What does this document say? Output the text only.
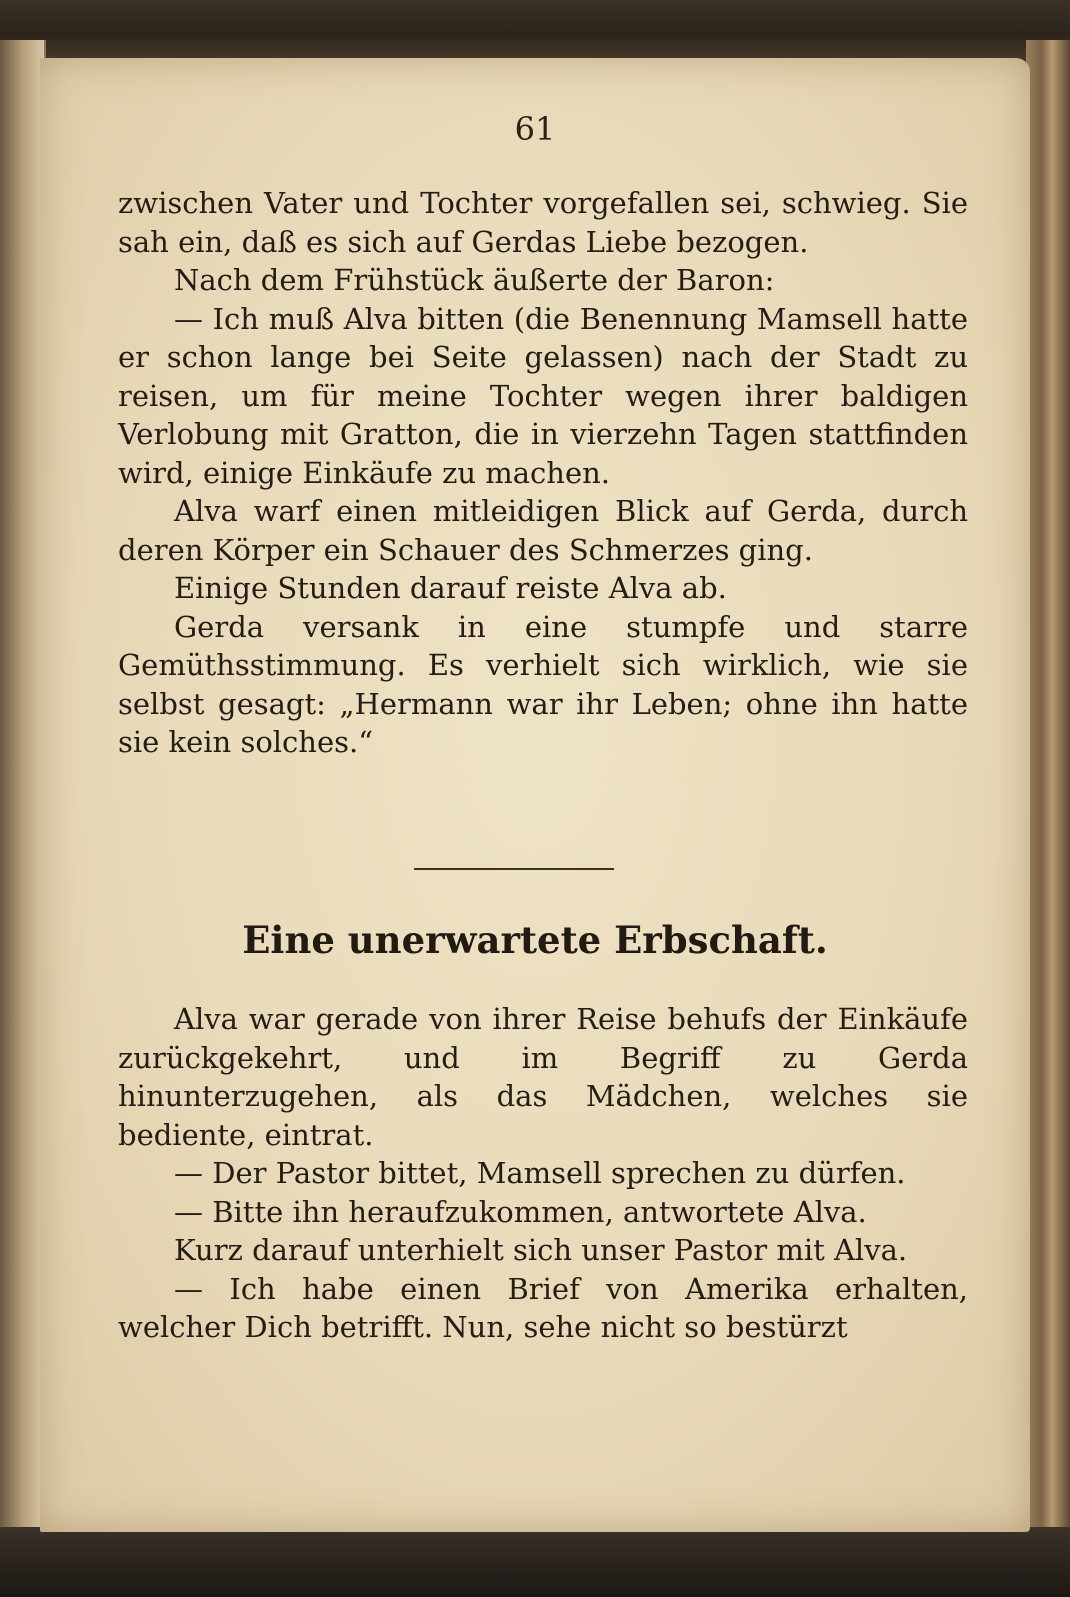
61

zwischen Vater und Tochter vorgefallen sei, schwieg. Sie sah ein, daß es sich auf Gerdas Liebe bezogen.

Nach dem Frühstück äußerte der Baron:

— Ich muß Alva bitten (die Benennung Mamsell hatte er schon lange bei Seite gelassen) nach der Stadt zu reisen, um für meine Tochter wegen ihrer baldigen Verlobung mit Gratton, die in vierzehn Tagen stattfinden wird, einige Einkäufe zu machen.

Alva warf einen mitleidigen Blick auf Gerda, durch deren Körper ein Schauer des Schmerzes ging.

Einige Stunden darauf reiste Alva ab.

Gerda versank in eine stumpfe und starre Gemüthsstimmung. Es verhielt sich wirklich, wie sie selbst gesagt: „Hermann war ihr Leben; ohne ihn hatte sie kein solches.“

Eine unerwartete Erbschaft.

Alva war gerade von ihrer Reise behufs der Einkäufe zurückgekehrt, und im Begriff zu Gerda hinunterzugehen, als das Mädchen, welches sie bediente, eintrat.

— Der Pastor bittet, Mamsell sprechen zu dürfen.

— Bitte ihn heraufzukommen, antwortete Alva.

Kurz darauf unterhielt sich unser Pastor mit Alva.

— Ich habe einen Brief von Amerika erhalten, welcher Dich betrifft. Nun, sehe nicht so bestürzt
